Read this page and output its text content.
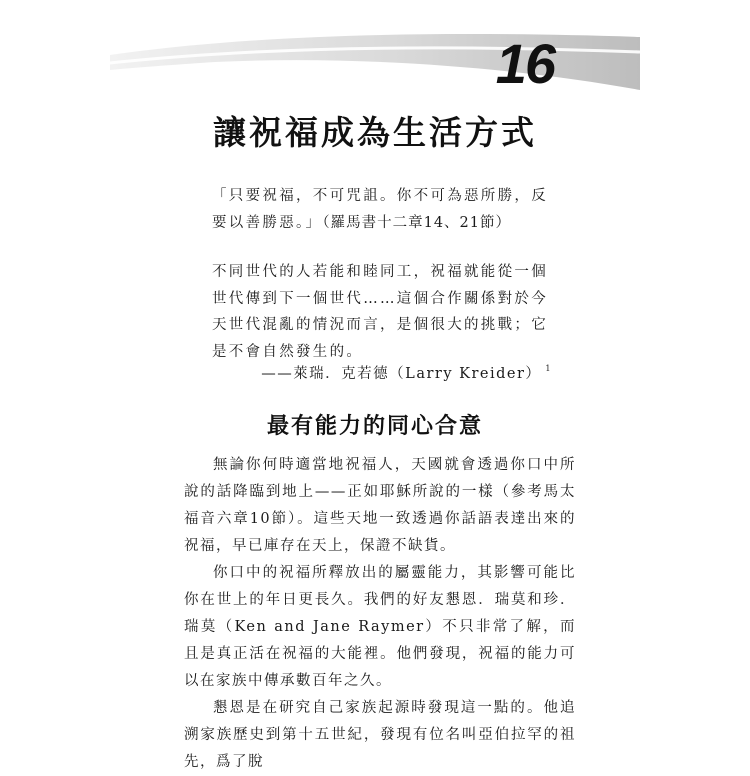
16
讓祝福成為生活方式

「只要祝福，不可咒詛。你不可為惡所勝，反要以善勝惡。」（羅馬書十二章14、21節）

不同世代的人若能和睦同工，祝福就能從一個世代傳到下一個世代……這個合作關係對於今天世代混亂的情況而言，是個很大的挑戰；它是不會自然發生的。

——萊瑞．克若德（Larry Kreider） $^1$
最有能力的同心合意

無論你何時適當地祝福人，天國就會透過你口中所說的話降臨到地上——正如耶穌所說的一樣（參考馬太福音六章10節）。這些天地一致透過你話語表達出來的祝福，早已庫存在天上，保證不缺貨。

你口中的祝福所釋放出的屬靈能力，其影響可能比你在世上的年日更長久。我們的好友懇恩．瑞莫和珍．瑞莫（Ken and Jane Raymer）不只非常了解，而且是真正活在祝福的大能裡。他們發現，祝福的能力可以在家族中傳承數百年之久。

懇恩是在研究自己家族起源時發現這一點的。他追溯家族歷史到第十五世紀，發現有位名叫亞伯拉罕的祖先，爲了脫
